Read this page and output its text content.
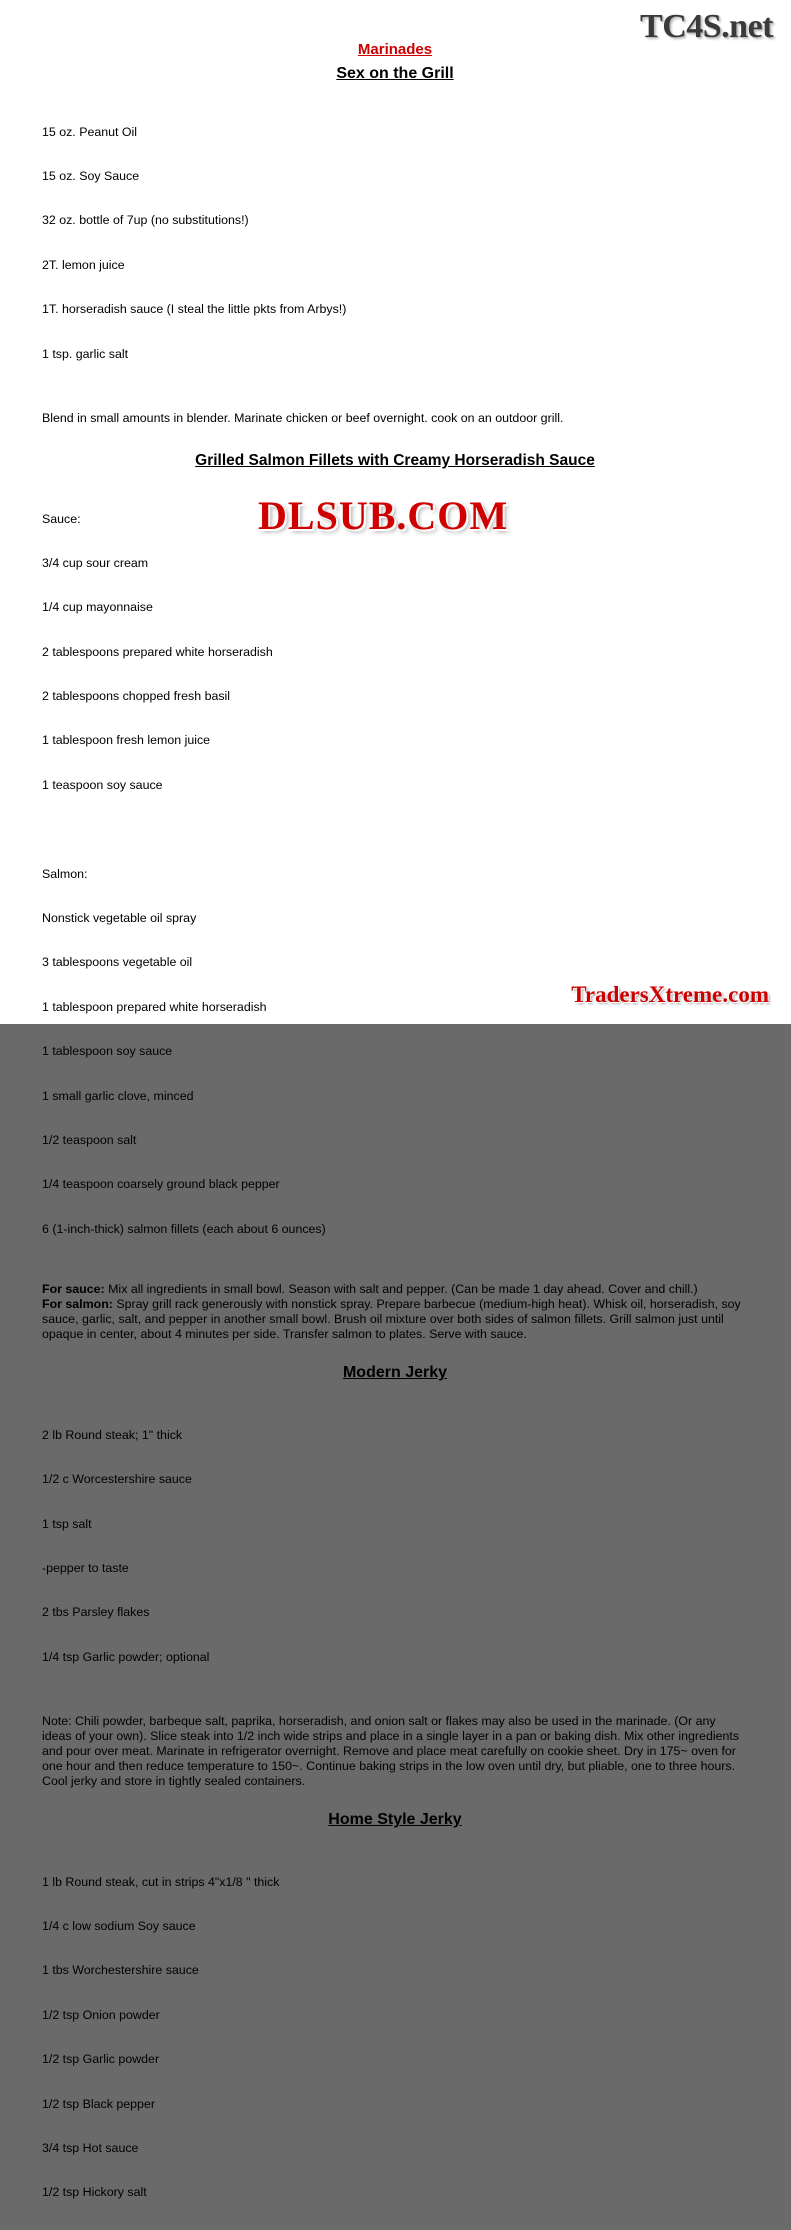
TC4S.net
Marinades
Sex on the Grill

15 oz. Peanut Oil

15 oz. Soy Sauce

32 oz. bottle of 7up (no substitutions!)

2T. lemon juice

1T. horseradish sauce (I steal the little pkts from Arbys!)

1 tsp. garlic salt

Blend in small amounts in blender. Marinate chicken or beef overnight. cook on an outdoor grill.
Grilled Salmon Fillets with Creamy Horseradish Sauce

Sauce:

3/4 cup sour cream

1/4 cup mayonnaise

2 tablespoons prepared white horseradish

2 tablespoons chopped fresh basil

1 tablespoon fresh lemon juice

1 teaspoon soy sauce

Salmon:

Nonstick vegetable oil spray

3 tablespoons vegetable oil

1 tablespoon prepared white horseradish

1 tablespoon soy sauce

1 small garlic clove, minced

1/2 teaspoon salt

1/4 teaspoon coarsely ground black pepper

6 (1-inch-thick) salmon fillets (each about 6 ounces)

For sauce: Mix all ingredients in small bowl. Season with salt and pepper. (Can be made 1 day ahead. Cover and chill.)
For salmon: Spray grill rack generously with nonstick spray. Prepare barbecue (medium-high heat). Whisk oil, horseradish, soy sauce, garlic, salt, and pepper in another small bowl. Brush oil mixture over both sides of salmon fillets. Grill salmon just until opaque in center, about 4 minutes per side. Transfer salmon to plates. Serve with sauce.
Modern Jerky

2 lb Round steak; 1" thick

1/2 c Worcestershire sauce

1 tsp salt

-pepper to taste

2 tbs Parsley flakes

1/4 tsp Garlic powder; optional

Note: Chili powder, barbeque salt, paprika, horseradish, and onion salt or flakes may also be used in the marinade. (Or any ideas of your own). Slice steak into 1/2 inch wide strips and place in a single layer in a pan or baking dish. Mix other ingredients and pour over meat. Marinate in refrigerator overnight. Remove and place meat carefully on cookie sheet. Dry in 175~ oven for one hour and then reduce temperature to 150~. Continue baking strips in the low oven until dry, but pliable, one to three hours. Cool jerky and store in tightly sealed containers.
Home Style Jerky

1 lb Round steak, cut in strips 4"x1/8 " thick

1/4 c low sodium Soy sauce

1 tbs Worchestershire sauce

1/2 tsp Onion powder

1/2 tsp Garlic powder

1/2 tsp Black pepper

3/4 tsp Hot sauce

1/2 tsp Hickory salt

DLSUB.COM
TradersXtreme.com
